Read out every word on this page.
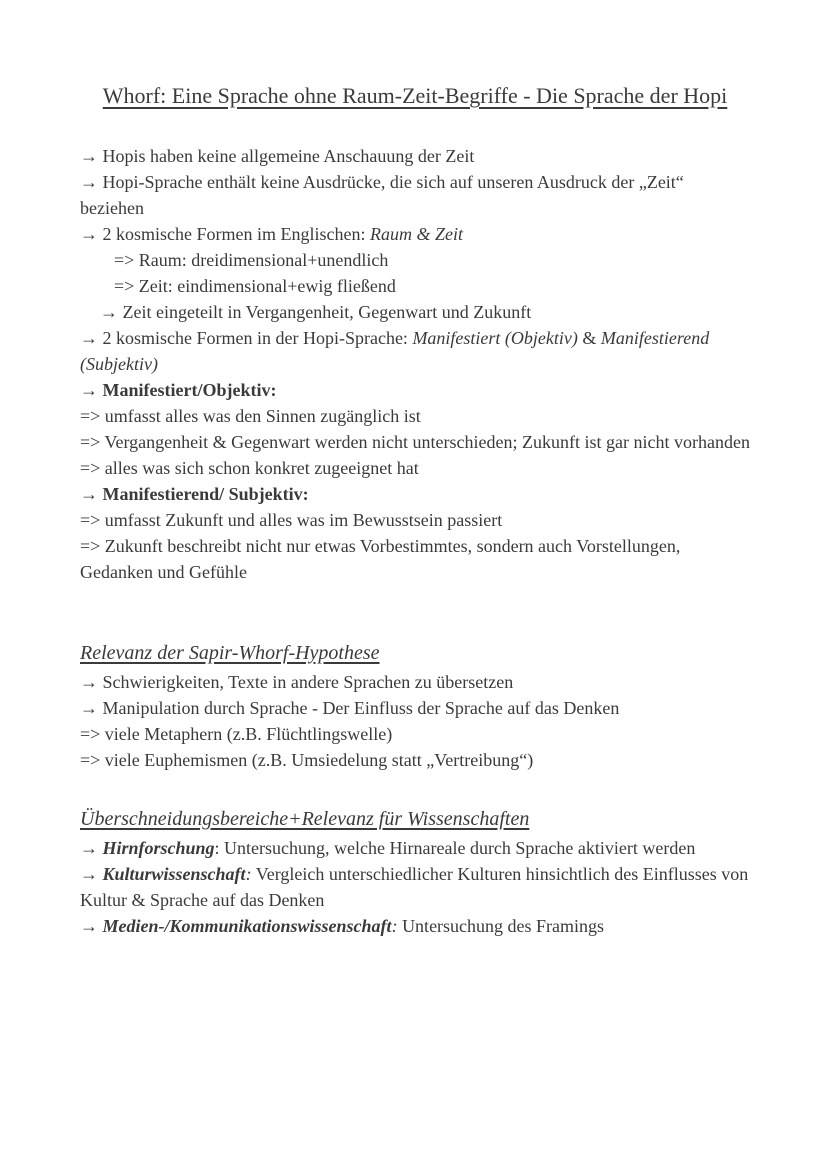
Whorf: Eine Sprache ohne Raum-Zeit-Begriffe - Die Sprache der Hopi

→ Hopis haben keine allgemeine Anschauung der Zeit

→ Hopi-Sprache enthält keine Ausdrücke, die sich auf unseren Ausdruck der „Zeit“ beziehen

→ 2 kosmische Formen im Englischen: Raum & Zeit

=> Raum: dreidimensional+unendlich

=> Zeit: eindimensional+ewig fließend

→ Zeit eingeteilt in Vergangenheit, Gegenwart und Zukunft

→ 2 kosmische Formen in der Hopi-Sprache: Manifestiert (Objektiv) & Manifestierend (Subjektiv)

→ Manifestiert/Objektiv:

=> umfasst alles was den Sinnen zugänglich ist

=> Vergangenheit & Gegenwart werden nicht unterschieden; Zukunft ist gar nicht vorhanden

=> alles was sich schon konkret zugeeignet hat

→ Manifestierend/ Subjektiv:

=> umfasst Zukunft und alles was im Bewusstsein passiert

=> Zukunft beschreibt nicht nur etwas Vorbestimmtes, sondern auch Vorstellungen, Gedanken und Gefühle

Relevanz der Sapir-Whorf-Hypothese

→ Schwierigkeiten, Texte in andere Sprachen zu übersetzen

→ Manipulation durch Sprache - Der Einfluss der Sprache auf das Denken

=> viele Metaphern (z.B. Flüchtlingswelle)

=> viele Euphemismen (z.B. Umsiedelung statt „Vertreibung“)

Überschneidungsbereiche+Relevanz für Wissenschaften

→ Hirnforschung: Untersuchung, welche Hirnareale durch Sprache aktiviert werden

→ Kulturwissenschaft: Vergleich unterschiedlicher Kulturen hinsichtlich des Einflusses von Kultur & Sprache auf das Denken

→ Medien-/Kommunikationswissenschaft: Untersuchung des Framings
